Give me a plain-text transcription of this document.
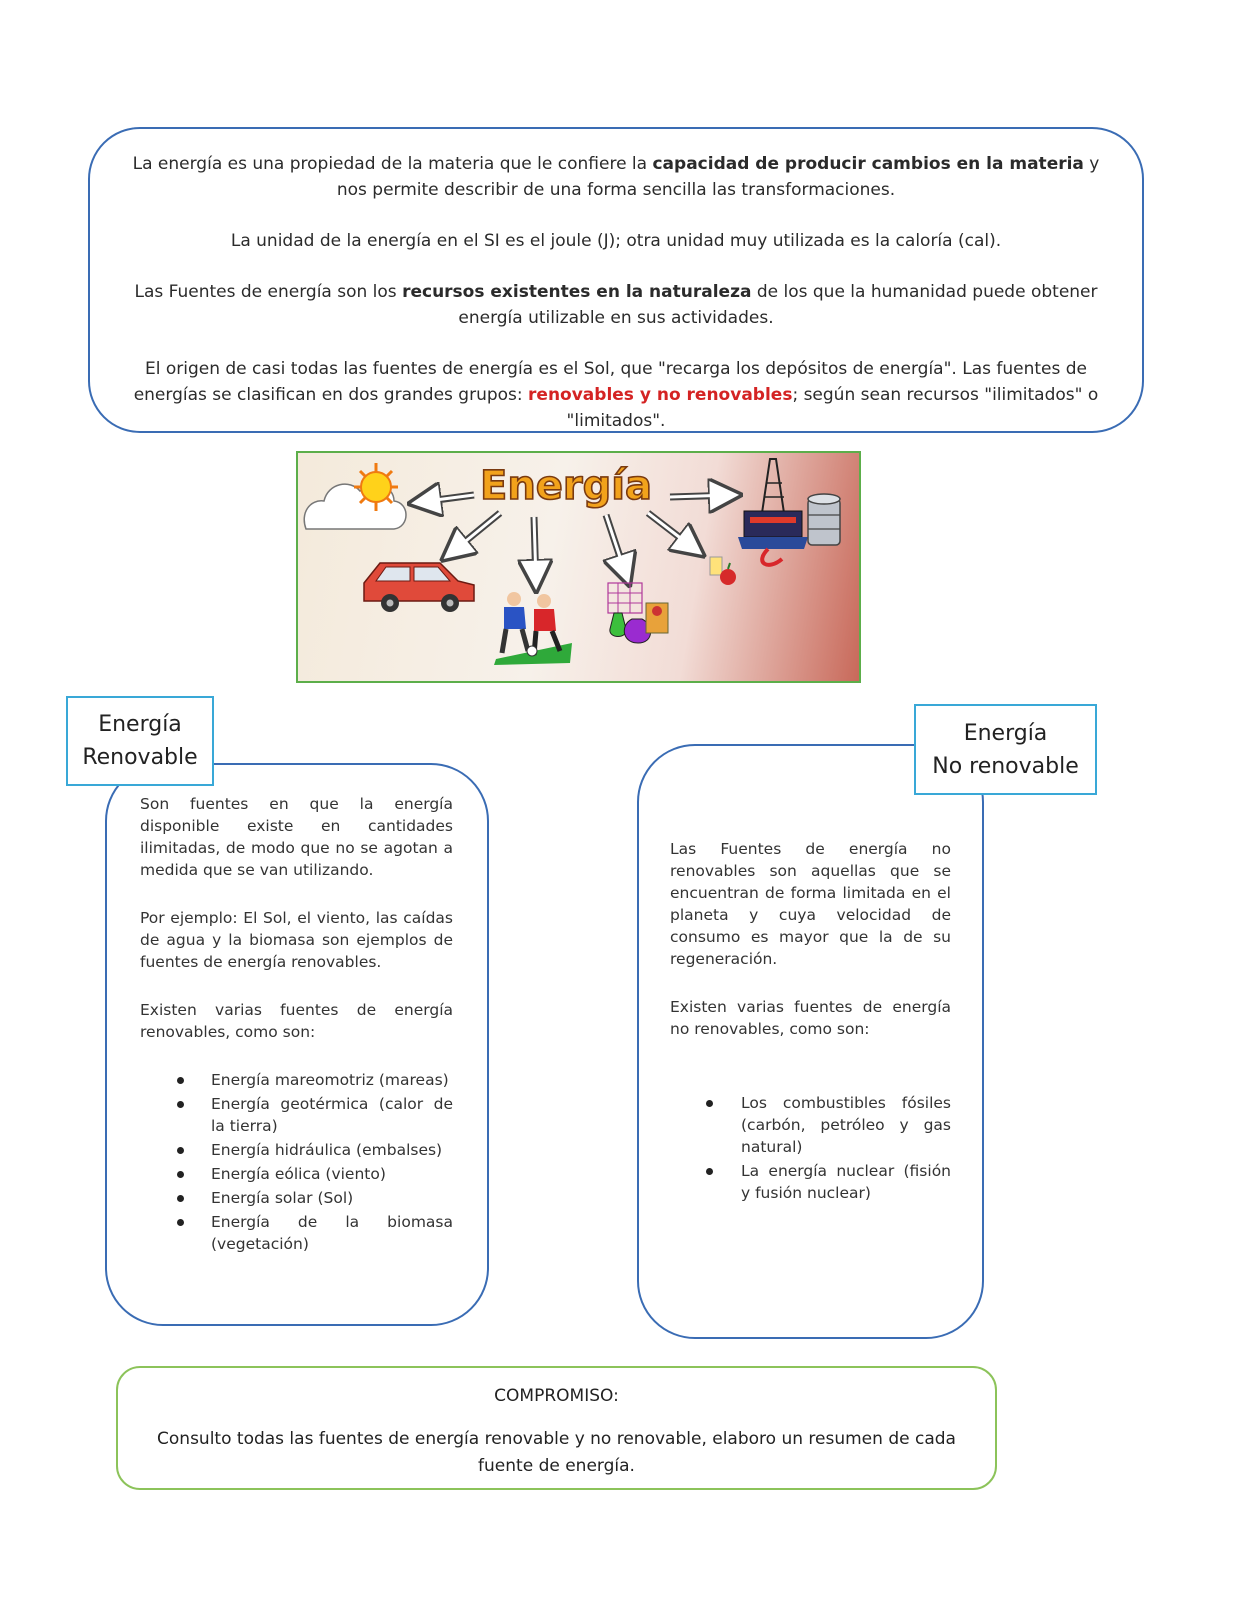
La energía es una propiedad de la materia que le confiere la capacidad de producir cambios en la materia y nos permite describir de una forma sencilla las transformaciones.

La unidad de la energía en el SI es el joule (J); otra unidad muy utilizada es la caloría (cal).

Las Fuentes de energía son los recursos existentes en la naturaleza de los que la humanidad puede obtener energía utilizable en sus actividades.

El origen de casi todas las fuentes de energía es el Sol, que "recarga los depósitos de energía". Las fuentes de energías se clasifican en dos grandes grupos: renovables y no renovables; según sean recursos "ilimitados" o "limitados".

Energía
Energía
Renovable

Son fuentes en que la energía disponible existe en cantidades ilimitadas, de modo que no se agotan a medida que se van utilizando.

Por ejemplo: El Sol, el viento, las caídas de agua y la biomasa son ejemplos de fuentes de energía renovables.

Existen varias fuentes de energía renovables, como son:

Energía mareomotriz (mareas)
Energía geotérmica (calor de la tierra)
Energía hidráulica (embalses)
Energía eólica (viento)
Energía solar (Sol)
Energía de la biomasa (vegetación)
Energía
No renovable

Las Fuentes de energía no renovables son aquellas que se encuentran de forma limitada en el planeta y cuya velocidad de consumo es mayor que la de su regeneración.

Existen varias fuentes de energía no renovables, como son:

Los combustibles fósiles (carbón, petróleo y gas natural)
La energía nuclear (fisión y fusión nuclear)
COMPROMISO:
Consulto todas las fuentes de energía renovable y no renovable, elaboro un resumen de cada fuente de energía.
